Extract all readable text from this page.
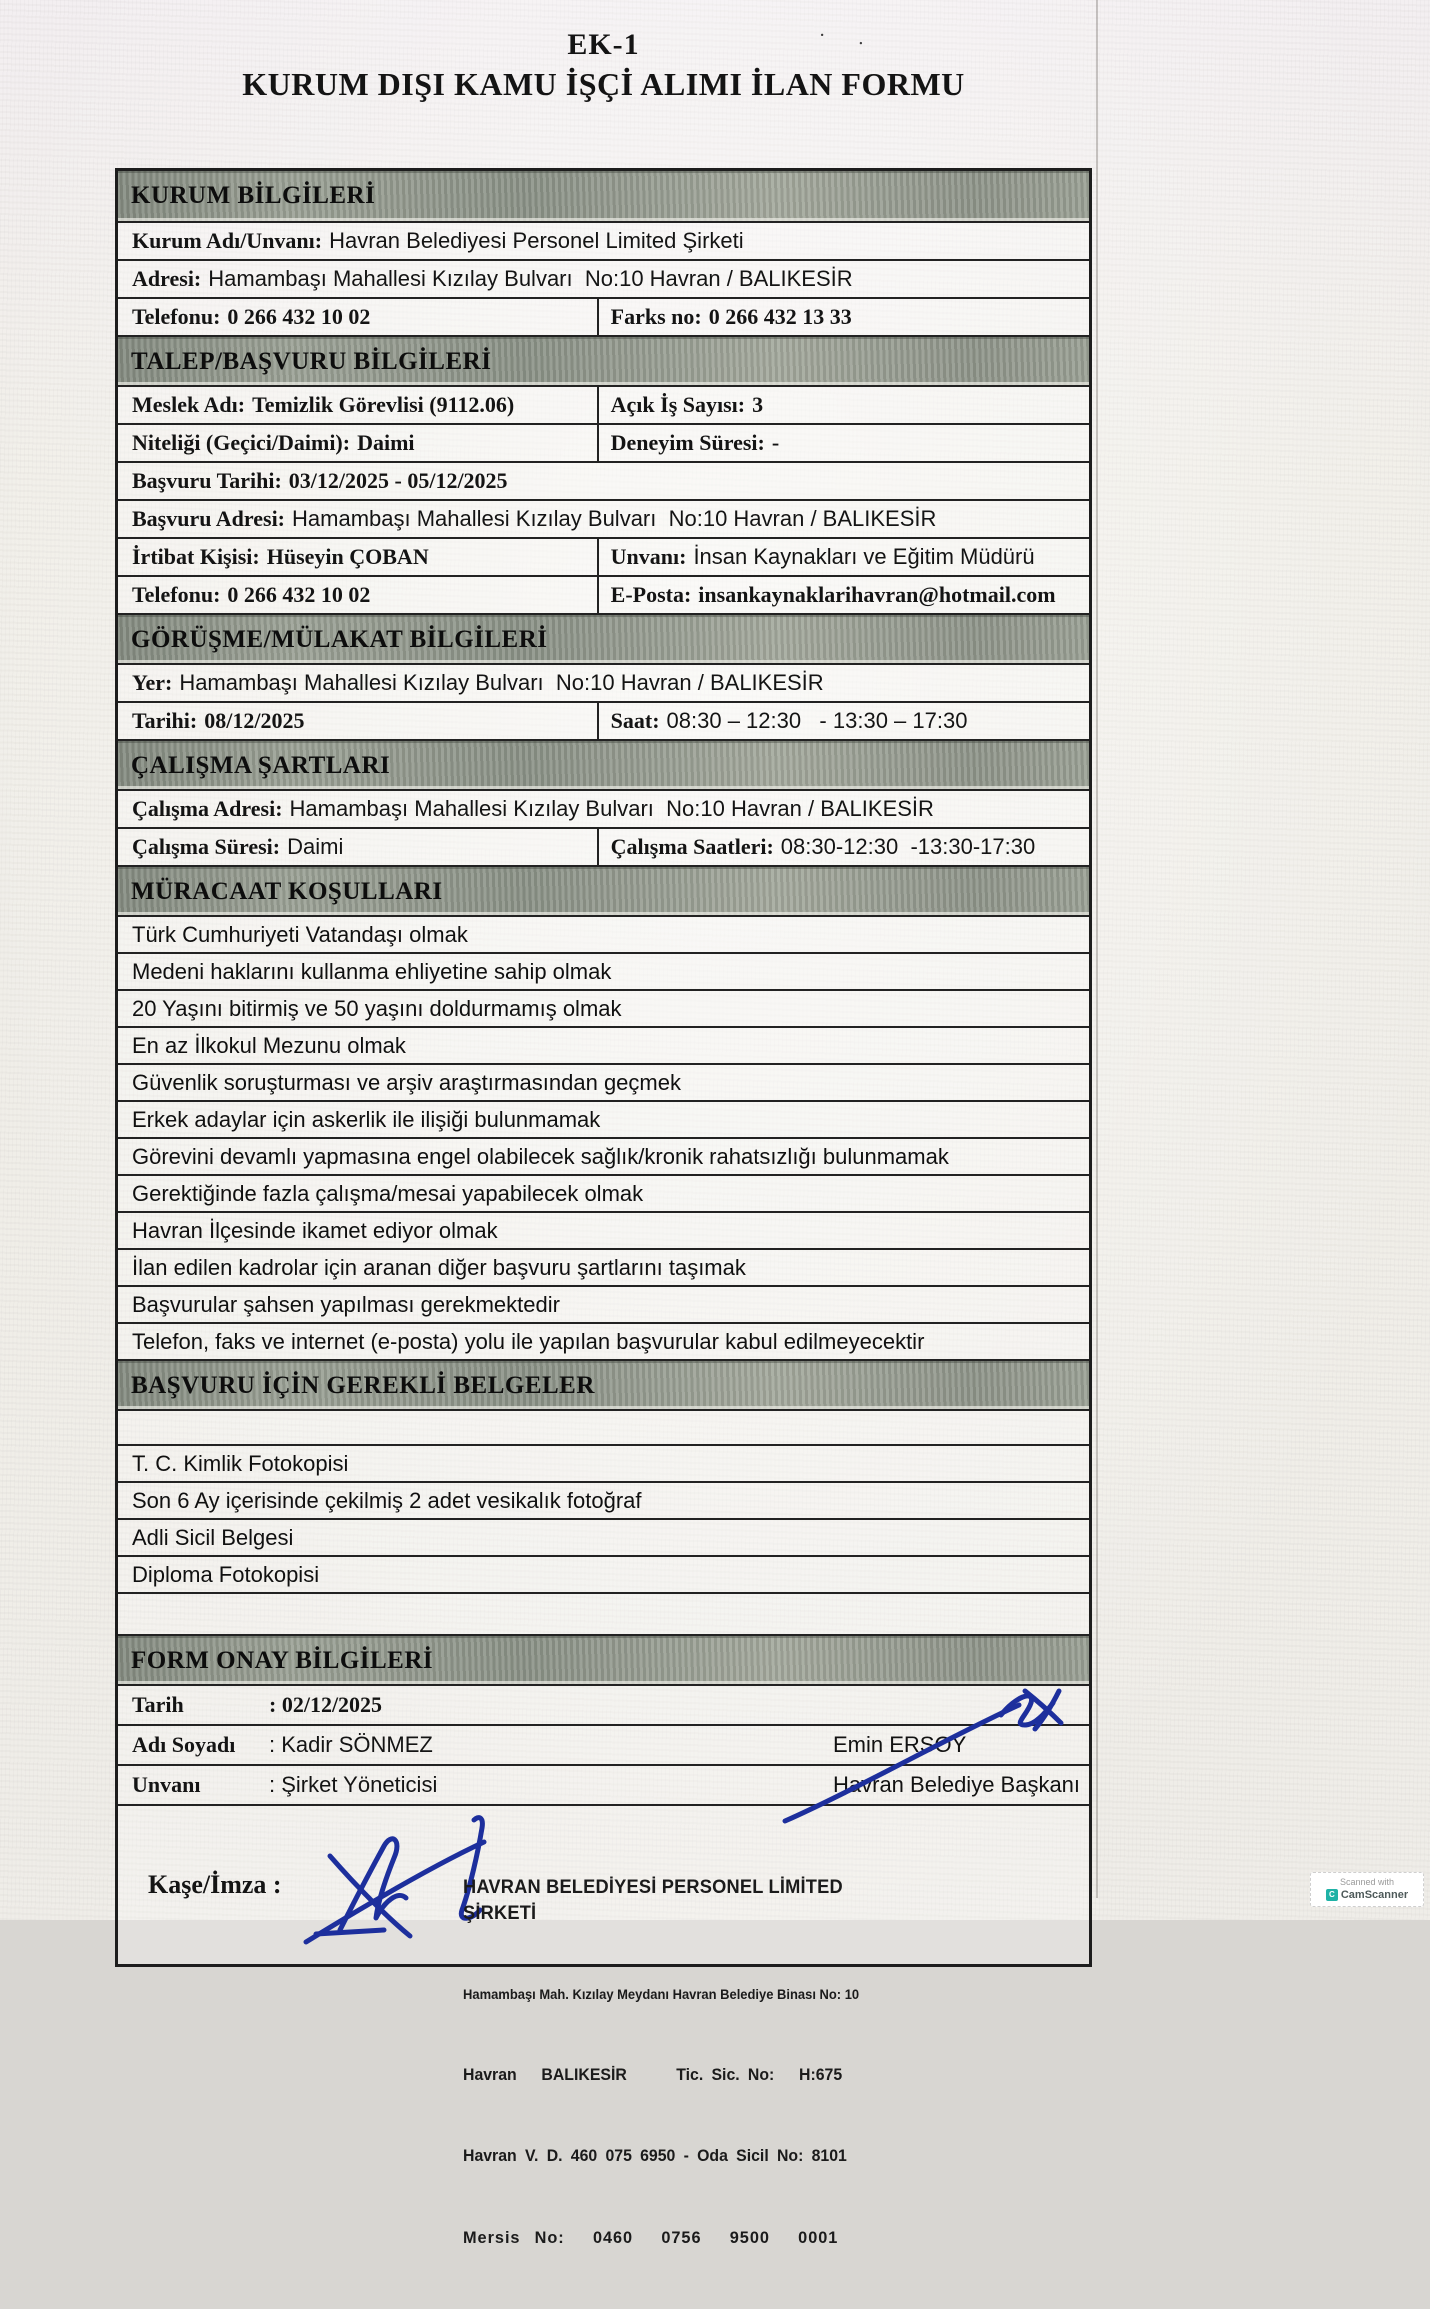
· ·
EK-1
KURUM DIŞI KAMU İŞÇİ ALIMI İLAN FORMU
KURUM BİLGİLERİ
Kurum Adı/Unvanı: Havran Belediyesi Personel Limited Şirketi
Adresi: Hamambaşı Mahallesi Kızılay Bulvarı  No:10 Havran / BALIKESİR
Telefonu: 0 266 432 10 02	Farks no: 0 266 432 13 33
TALEP/BAŞVURU BİLGİLERİ
Meslek Adı: Temizlik Görevlisi (9112.06)	Açık İş Sayısı: 3
Niteliği (Geçici/Daimi): Daimi	Deneyim Süresi: -
Başvuru Tarihi: 03/12/2025 - 05/12/2025
Başvuru Adresi: Hamambaşı Mahallesi Kızılay Bulvarı  No:10 Havran / BALIKESİR
İrtibat Kişisi: Hüseyin ÇOBAN	Unvanı: İnsan Kaynakları ve Eğitim Müdürü
Telefonu: 0 266 432 10 02	E-Posta: insankaynaklarihavran@hotmail.com
GÖRÜŞME/MÜLAKAT BİLGİLERİ
Yer: Hamambaşı Mahallesi Kızılay Bulvarı  No:10 Havran / BALIKESİR
Tarihi: 08/12/2025	Saat: 08:30 – 12:30   - 13:30 – 17:30
ÇALIŞMA ŞARTLARI
Çalışma Adresi: Hamambaşı Mahallesi Kızılay Bulvarı  No:10 Havran / BALIKESİR
Çalışma Süresi: Daimi	Çalışma Saatleri: 08:30-12:30  -13:30-17:30
MÜRACAAT KOŞULLARI
Türk Cumhuriyeti Vatandaşı olmak
Medeni haklarını kullanma ehliyetine sahip olmak
20 Yaşını bitirmiş ve 50 yaşını doldurmamış olmak
En az İlkokul Mezunu olmak
Güvenlik soruşturması ve arşiv araştırmasından geçmek
Erkek adaylar için askerlik ile ilişiği bulunmamak
Görevini devamlı yapmasına engel olabilecek sağlık/kronik rahatsızlığı bulunmamak
Gerektiğinde fazla çalışma/mesai yapabilecek olmak
Havran İlçesinde ikamet ediyor olmak
İlan edilen kadrolar için aranan diğer başvuru şartlarını taşımak
Başvurular şahsen yapılması gerekmektedir
Telefon, faks ve internet (e-posta) yolu ile yapılan başvurular kabul edilmeyecektir
BAŞVURU İÇİN GEREKLİ BELGELER
T. C. Kimlik Fotokopisi
Son 6 Ay içerisinde çekilmiş 2 adet vesikalık fotoğraf
Adli Sicil Belgesi
Diploma Fotokopisi
FORM ONAY BİLGİLERİ
Tarih	: 02/12/2025
Adı Soyadı : Kadir SÖNMEZ	Emin ERSOY
Unvanı	: Şirket Yöneticisi	Havran Belediye Başkanı
Kaşe/İmza :

	HAVRAN BELEDİYESİ PERSONEL LİMİTED ŞİRKETİ

Hamambaşı Mah. Kızılay Meydanı Havran Belediye Binası No: 10

Havran   BALIKESİR      Tic. Sic. No:   H:675

Havran V. D. 460 075 6950 - Oda Sicil No: 8101

Mersis No:  0460  0756  9500  0001

Scanned with
C CamScanner
